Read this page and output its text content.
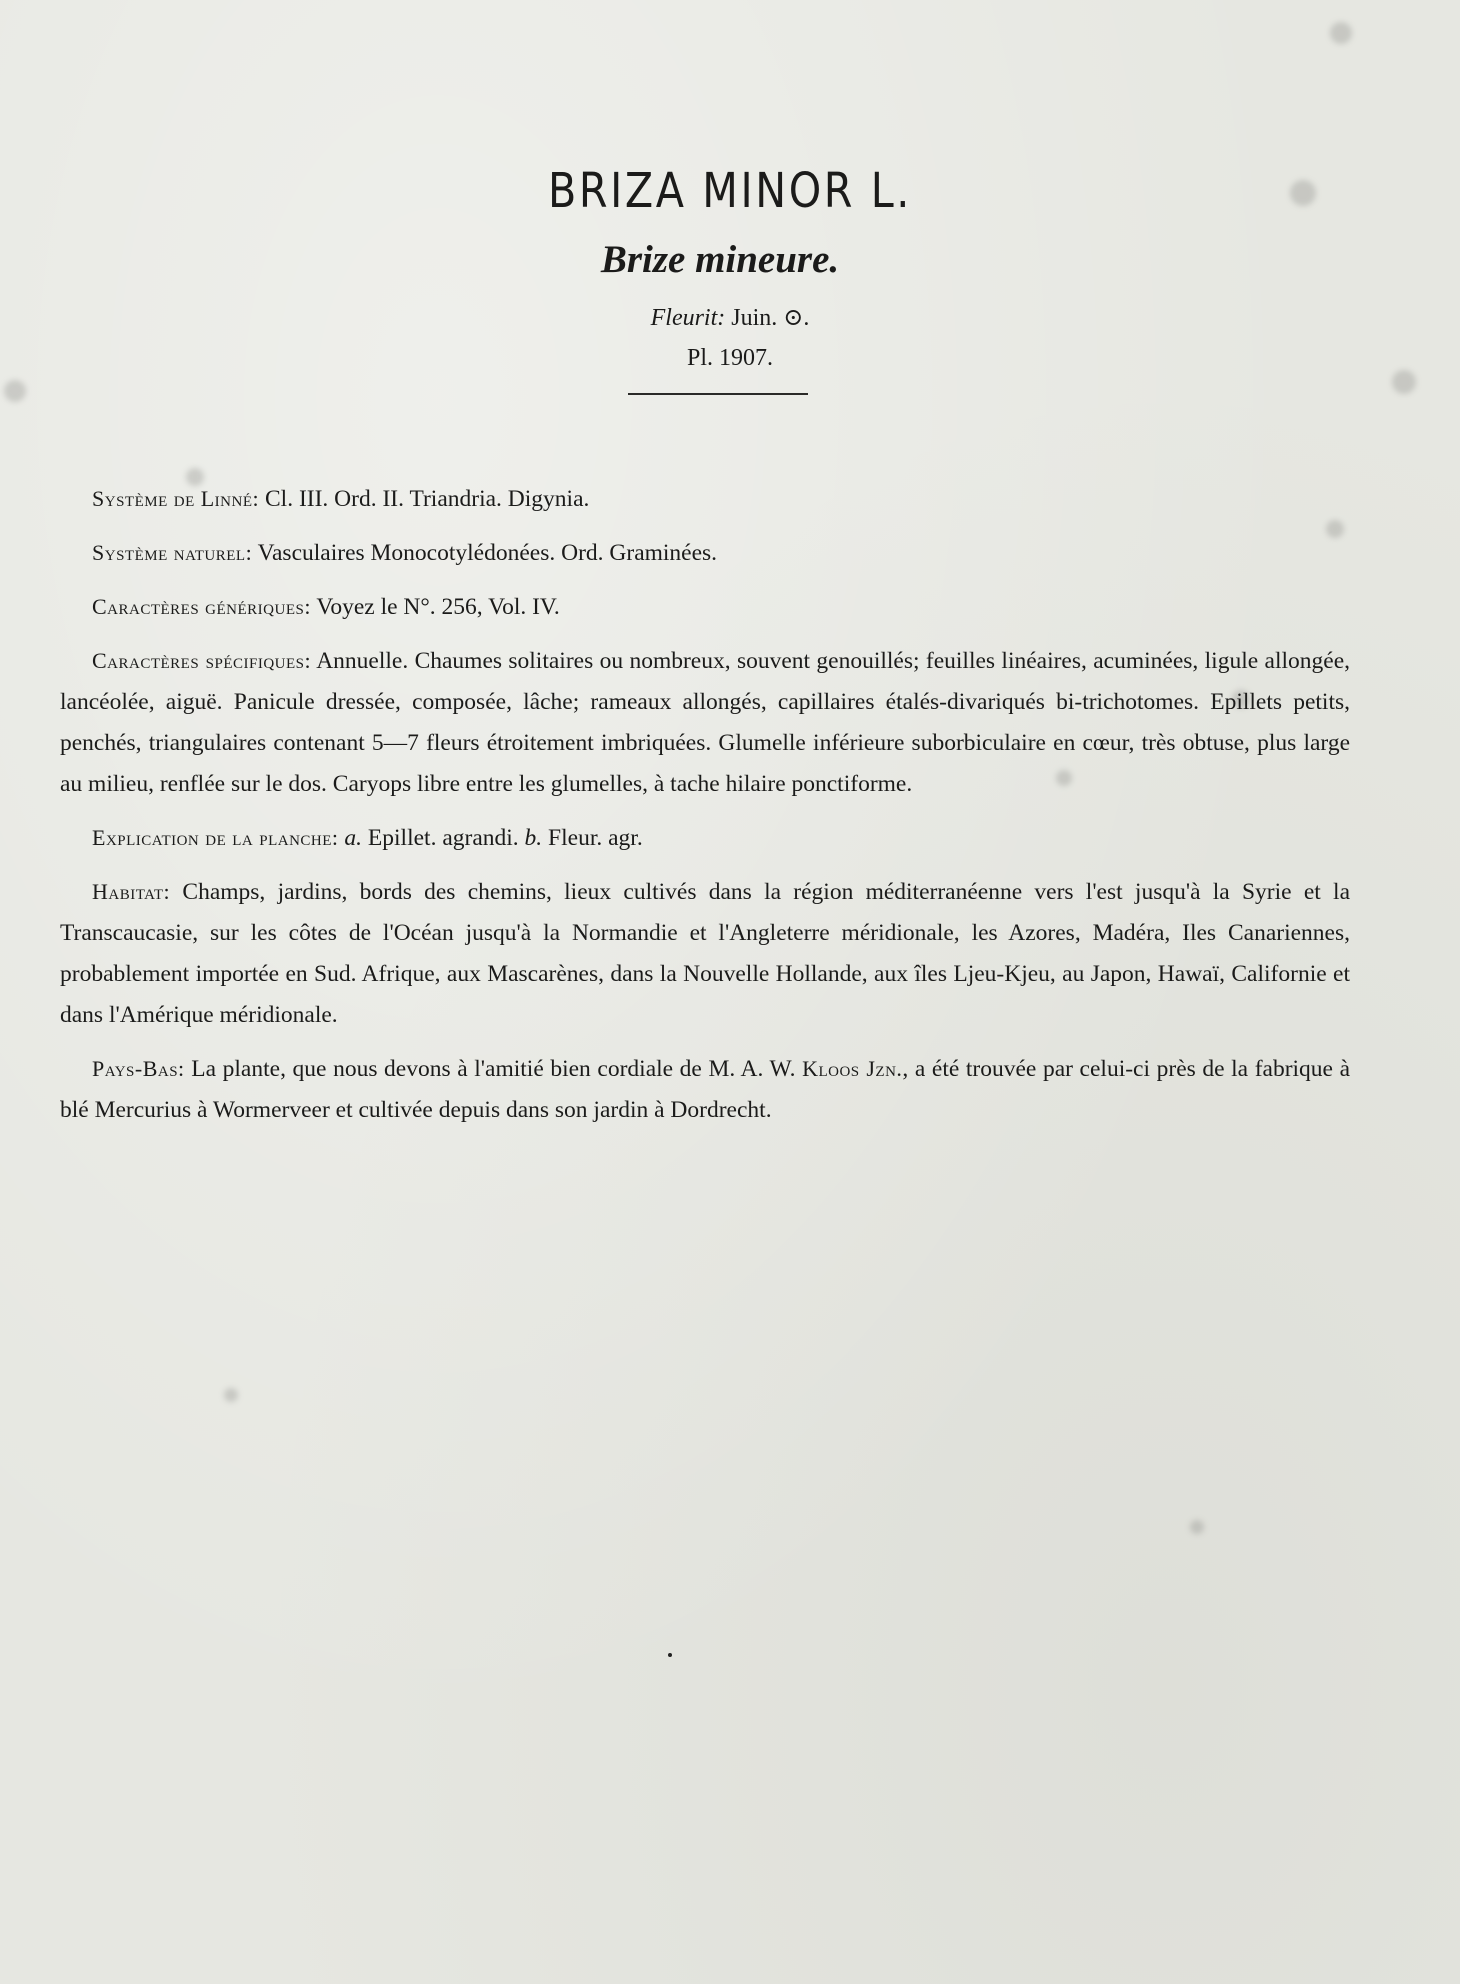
BRIZA MINOR L.
Brize mineure.
Fleurit: Juin. ⊙.
Pl. 1907.

Système de Linné: Cl. III. Ord. II. Triandria. Digynia.

Système naturel: Vasculaires Monocotylédonées. Ord. Graminées.

Caractères génériques: Voyez le N°. 256, Vol. IV.

Caractères spécifiques: Annuelle. Chaumes solitaires ou nombreux, souvent genouillés; feuilles linéaires, acuminées, ligule allongée, lancéolée, aiguë. Panicule dressée, composée, lâche; rameaux allongés, capillaires étalés-divariqués bi-trichotomes. Epillets petits, penchés, triangulaires contenant 5—7 fleurs étroitement imbriquées. Glumelle inférieure suborbiculaire en cœur, très obtuse, plus large au milieu, renflée sur le dos. Caryops libre entre les glumelles, à tache hilaire ponctiforme.

Explication de la planche: a. Epillet. agrandi. b. Fleur. agr.

Habitat: Champs, jardins, bords des chemins, lieux cultivés dans la région méditerranéenne vers l'est jusqu'à la Syrie et la Transcaucasie, sur les côtes de l'Océan jusqu'à la Normandie et l'Angleterre méridionale, les Azores, Madéra, Iles Canariennes, probablement importée en Sud. Afrique, aux Mascarènes, dans la Nouvelle Hollande, aux îles Ljeu-Kjeu, au Japon, Hawaï, Californie et dans l'Amérique méridionale.

Pays-Bas: La plante, que nous devons à l'amitié bien cordiale de M. A. W. Kloos Jzn., a été trouvée par celui-ci près de la fabrique à blé Mercurius à Wormerveer et cultivée depuis dans son jardin à Dordrecht.
